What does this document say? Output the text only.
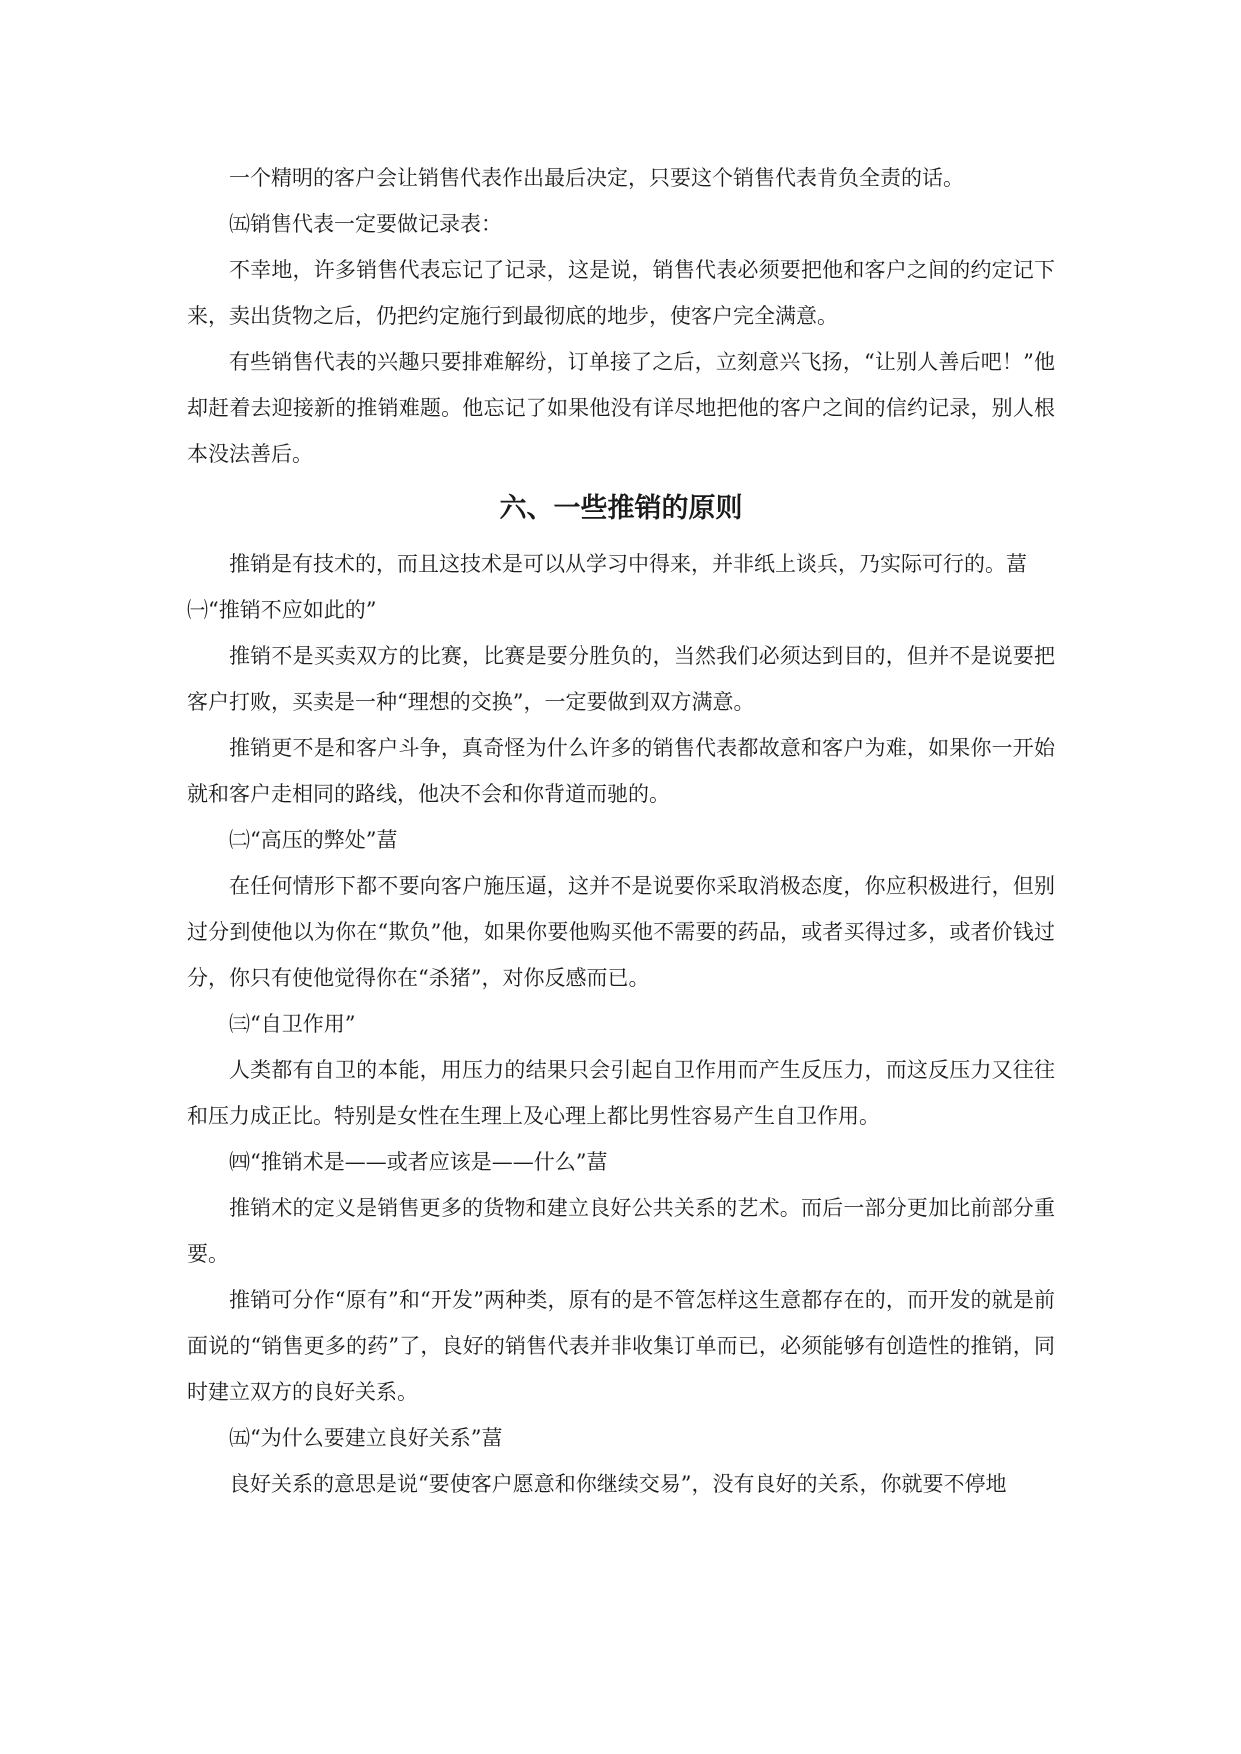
一个精明的客户会让销售代表作出最后决定，只要这个销售代表肯负全责的话。

㈤销售代表一定要做记录表：

不幸地，许多销售代表忘记了记录，这是说，销售代表必须要把他和客户之间的约定记下来，卖出货物之后，仍把约定施行到最彻底的地步，使客户完全满意。

有些销售代表的兴趣只要排难解纷，订单接了之后，立刻意兴飞扬，“让别人善后吧！”他却赶着去迎接新的推销难题。他忘记了如果他没有详尽地把他的客户之间的信约记录，别人根本没法善后。

六、一些推销的原则

推销是有技术的，而且这技术是可以从学习中得来，并非纸上谈兵，乃实际可行的。葍

㈠“推销不应如此的”

推销不是买卖双方的比赛，比赛是要分胜负的，当然我们必须达到目的，但并不是说要把客户打败，买卖是一种“理想的交换”，一定要做到双方满意。

推销更不是和客户斗争，真奇怪为什么许多的销售代表都故意和客户为难，如果你一开始就和客户走相同的路线，他决不会和你背道而驰的。

㈡“高压的弊处”葍

在任何情形下都不要向客户施压逼，这并不是说要你采取消极态度，你应积极进行，但别过分到使他以为你在“欺负”他，如果你要他购买他不需要的药品，或者买得过多，或者价钱过分，你只有使他觉得你在“杀猪”，对你反感而已。

㈢“自卫作用”

人类都有自卫的本能，用压力的结果只会引起自卫作用而产生反压力，而这反压力又往往和压力成正比。特别是女性在生理上及心理上都比男性容易产生自卫作用。

㈣“推销术是——或者应该是——什么”葍

推销术的定义是销售更多的货物和建立良好公共关系的艺术。而后一部分更加比前部分重要。

推销可分作“原有”和“开发”两种类，原有的是不管怎样这生意都存在的，而开发的就是前面说的“销售更多的药”了，良好的销售代表并非收集订单而已，必须能够有创造性的推销，同时建立双方的良好关系。

㈤“为什么要建立良好关系”葍

良好关系的意思是说“要使客户愿意和你继续交易”，没有良好的关系，你就要不停地
